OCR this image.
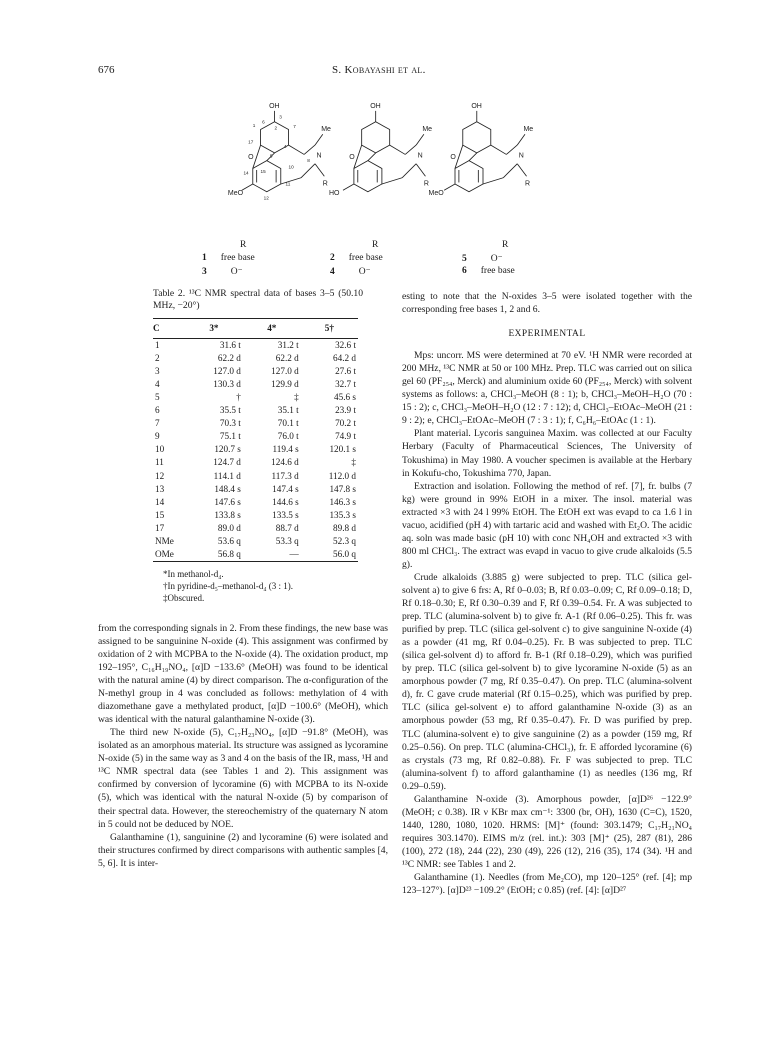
676	S. Kobayashi et al.
OH	OH	OH
Me	Me	Me
N	N	N
R	R	R
O	O	O
MeO	HO	MeO
1
6
3
7
17
4
5
10
8
14 15
11
12
2
R	R	R
1 free base
3	O⁻
2 free base
4	O⁻
5	O⁻
6 free base
Table 2. ¹³C NMR spectral data of bases 3–5 (50.10 MHz, −20°)
C	3*	4*	5†
1	31.6 t	31.2 t	32.6 t
2	62.2 d	62.2 d	64.2 d
3	127.0 d	127.0 d	27.6 t
4	130.3 d	129.9 d	32.7 t
5	†	‡	45.6 s
6	35.5 t	35.1 t	23.9 t
7	70.3 t	70.1 t	70.2 t
9	75.1 t	76.0 t	74.9 t
10	120.7 s	119.4 s	120.1 s
11	124.7 d	124.6 d	‡
12	114.1 d	117.3 d	112.0 d
13	148.4 s	147.4 s	147.8 s
14	147.6 s	144.6 s	146.3 s
15	133.8 s	133.5 s	135.3 s
17	89.0 d	88.7 d	89.8 d
NMe	53.6 q	53.3 q	52.3 q
OMe	56.8 q	—	56.0 q
*In methanol-d₄.
†In pyridine-d₅–methanol-d₄ (3 : 1).
‡Obscured.

from the corresponding signals in 2. From these findings, the new base was assigned to be sanguinine N-oxide (4). This assignment was confirmed by oxidation of 2 with MCPBA to the N-oxide (4). The oxidation product, mp 192–195°, C₁₆H₁₉NO₄, [α]D −133.6° (MeOH) was found to be identical with the natural amine (4) by direct comparison. The α-configuration of the N-methyl group in 4 was concluded as follows: methylation of 4 with diazomethane gave a methylated product, [α]D −100.6° (MeOH), which was identical with the natural galanthamine N-oxide (3).

The third new N-oxide (5), C₁₇H₂₃NO₄, [α]D −91.8° (MeOH), was isolated as an amorphous material. Its structure was assigned as lycoramine N-oxide (5) in the same way as 3 and 4 on the basis of the IR, mass, ¹H and ¹³C NMR spectral data (see Tables 1 and 2). This assignment was confirmed by conversion of lycoramine (6) with MCPBA to its N-oxide (5), which was identical with the natural N-oxide (5) by comparison of their spectral data. However, the stereochemistry of the quaternary N atom in 5 could not be deduced by NOE.

Galanthamine (1), sanguinine (2) and lycoramine (6) were isolated and their structures confirmed by direct comparisons with authentic samples [4, 5, 6]. It is inter-

esting to note that the N-oxides 3–5 were isolated together with the corresponding free bases 1, 2 and 6.

EXPERIMENTAL

Mps: uncorr. MS were determined at 70 eV. ¹H NMR were recorded at 200 MHz, ¹³C NMR at 50 or 100 MHz. Prep. TLC was carried out on silica gel 60 (PF₂₅₄, Merck) and aluminium oxide 60 (PF₂₅₄, Merck) with solvent systems as follows: a, CHCl₃–MeOH (8 : 1); b, CHCl₃–MeOH–H₂O (70 : 15 : 2); c, CHCl₃–MeOH–H₂O (12 : 7 : 12); d, CHCl₃–EtOAc–MeOH (21 : 9 : 2); e, CHCl₃–EtOAc–MeOH (7 : 3 : 1); f, C₆H₆–EtOAc (1 : 1).

Plant material. Lycoris sanguinea Maxim. was collected at our Faculty Herbary (Faculty of Pharmaceutical Sciences, The University of Tokushima) in May 1980. A voucher specimen is available at the Herbary in Kokufu-cho, Tokushima 770, Japan.

Extraction and isolation. Following the method of ref. [7], fr. bulbs (7 kg) were ground in 99% EtOH in a mixer. The insol. material was extracted ×3 with 24 l 99% EtOH. The EtOH ext was evapd to ca 1.6 l in vacuo, acidified (pH 4) with tartaric acid and washed with Et₂O. The acidic aq. soln was made basic (pH 10) with conc NH₄OH and extracted ×3 with 800 ml CHCl₃. The extract was evapd in vacuo to give crude alkaloids (5.5 g).

Crude alkaloids (3.885 g) were subjected to prep. TLC (silica gel-solvent a) to give 6 frs: A, Rf 0–0.03; B, Rf 0.03–0.09; C, Rf 0.09–0.18; D, Rf 0.18–0.30; E, Rf 0.30–0.39 and F, Rf 0.39–0.54. Fr. A was subjected to prep. TLC (alumina-solvent b) to give fr. A-1 (Rf 0.06–0.25). This fr. was purified by prep. TLC (silica gel-solvent c) to give sanguinine N-oxide (4) as a powder (41 mg, Rf 0.04–0.25). Fr. B was subjected to prep. TLC (silica gel-solvent d) to afford fr. B-1 (Rf 0.18–0.29), which was purified by prep. TLC (silica gel-solvent b) to give lycoramine N-oxide (5) as an amorphous powder (7 mg, Rf 0.35–0.47). On prep. TLC (alumina-solvent d), fr. C gave crude material (Rf 0.15–0.25), which was purified by prep. TLC (silica gel-solvent e) to afford galanthamine N-oxide (3) as an amorphous powder (53 mg, Rf 0.35–0.47). Fr. D was purified by prep. TLC (alumina-solvent e) to give sanguinine (2) as a powder (159 mg, Rf 0.25–0.56). On prep. TLC (alumina-CHCl₃), fr. E afforded lycoramine (6) as crystals (73 mg, Rf 0.82–0.88). Fr. F was subjected to prep. TLC (alumina-solvent f) to afford galanthamine (1) as needles (136 mg, Rf 0.29–0.59).

Galanthamine N-oxide (3). Amorphous powder, [α]D²⁶ −122.9° (MeOH; c 0.38). IR ν KBr max cm⁻¹: 3300 (br, OH), 1630 (C=C), 1520, 1440, 1280, 1080, 1020. HRMS: [M]⁺ (found: 303.1479; C₁₇H₂₁NO₄ requires 303.1470). EIMS m/z (rel. int.): 303 [M]⁺ (25), 287 (81), 286 (100), 272 (18), 244 (22), 230 (49), 226 (12), 216 (35), 174 (34). ¹H and ¹³C NMR: see Tables 1 and 2.

Galanthamine (1). Needles (from Me₂CO), mp 120–125° (ref. [4]; mp 123–127°). [α]D²³ −109.2° (EtOH; c 0.85) (ref. [4]: [α]D²⁷
